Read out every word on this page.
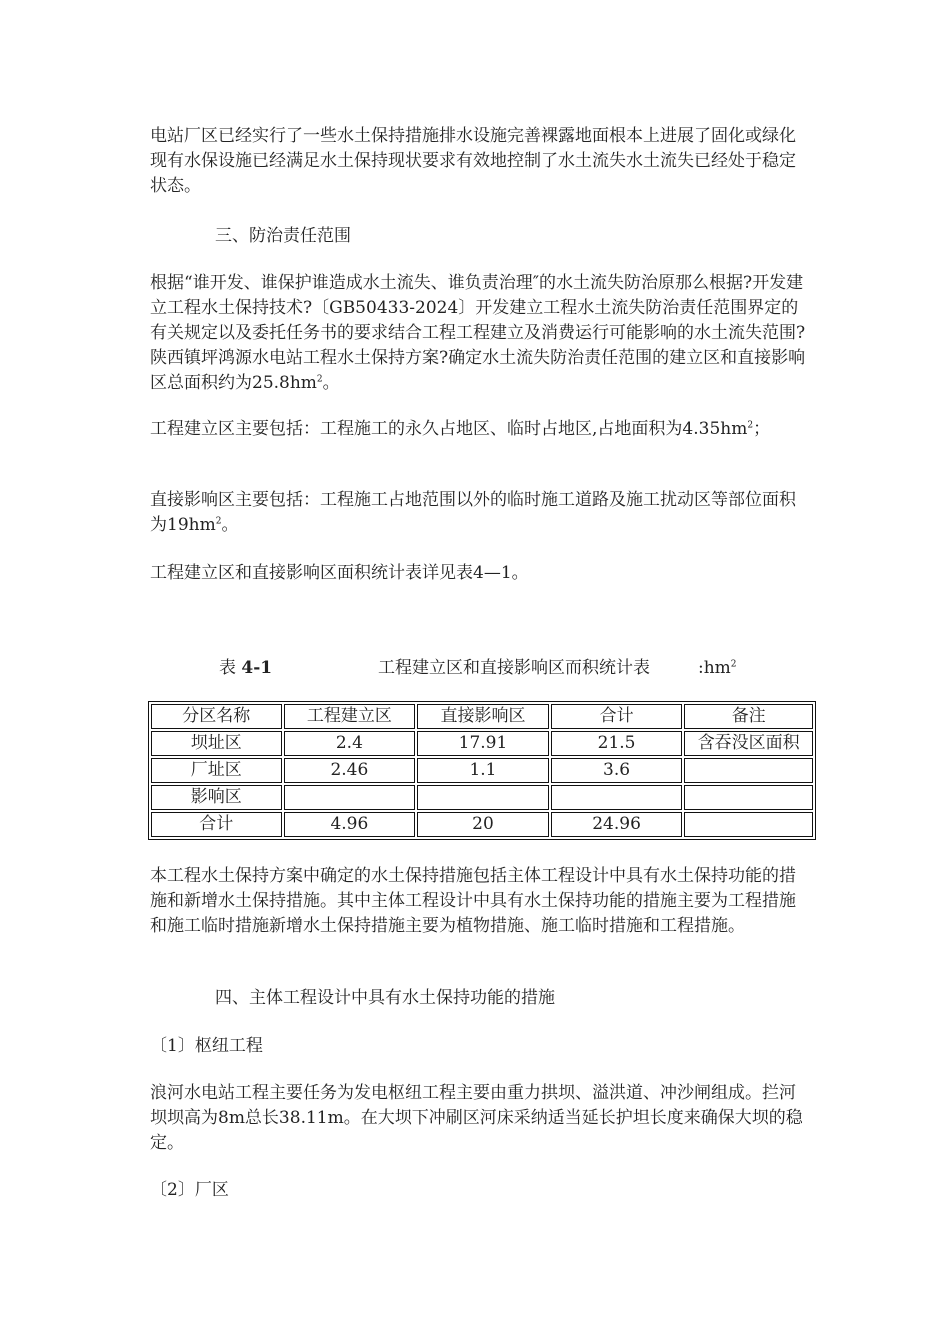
电站厂区已经实行了一些水土保持措施排水设施完善裸露地面根本上进展了固化或绿化现有水保设施已经满足水土保持现状要求有效地控制了水土流失水土流失已经处于稳定状态。

三、防治责任范围

根据“谁开发、谁保护谁造成水土流失、谁负责治理″的水土流失防治原那么根据?开发建立工程水土保持技术?〔GB50433-2024〕开发建立工程水土流失防治责任范围界定的有关规定以及委托任务书的要求结合工程工程建立及消费运行可能影响的水土流失范围?陕西镇坪鸿源水电站工程水土保持方案?确定水土流失防治责任范围的建立区和直接影响区总面积约为$25.8hm^2$。

工程建立区主要包括：工程施工的永久占地区、临时占地区,占地面积为$4.35hm^2$；

直接影响区主要包括：工程施工占地范围以外的临时施工道路及施工扰动区等部位面积为$19hm^2$。

工程建立区和直接影响区面积统计表详见表4—1。

表 4-1	工程建立区和直接影响区而积统计表	$:hm^2$
分区名称	工程建立区	直接影响区	合计	备注
坝址区	2.4	17.91	21.5	含吞没区面积
厂址区	2.46	1.1	3.6	
影响区				
合计	4.96	20	24.96	

本工程水土保持方案中确定的水土保持措施包括主体工程设计中具有水土保持功能的措施和新增水土保持措施。其中主体工程设计中具有水土保持功能的措施主要为工程措施和施工临时措施新增水土保持措施主要为植物措施、施工临时措施和工程措施。

四、主体工程设计中具有水土保持功能的措施

〔1〕枢纽工程

浪河水电站工程主要任务为发电枢纽工程主要由重力拱坝、溢洪道、冲沙闸组成。拦河坝坝高为8m总长38.11m。在大坝下冲刷区河床采纳适当延长护坦长度来确保大坝的稳定。

〔2〕厂区
